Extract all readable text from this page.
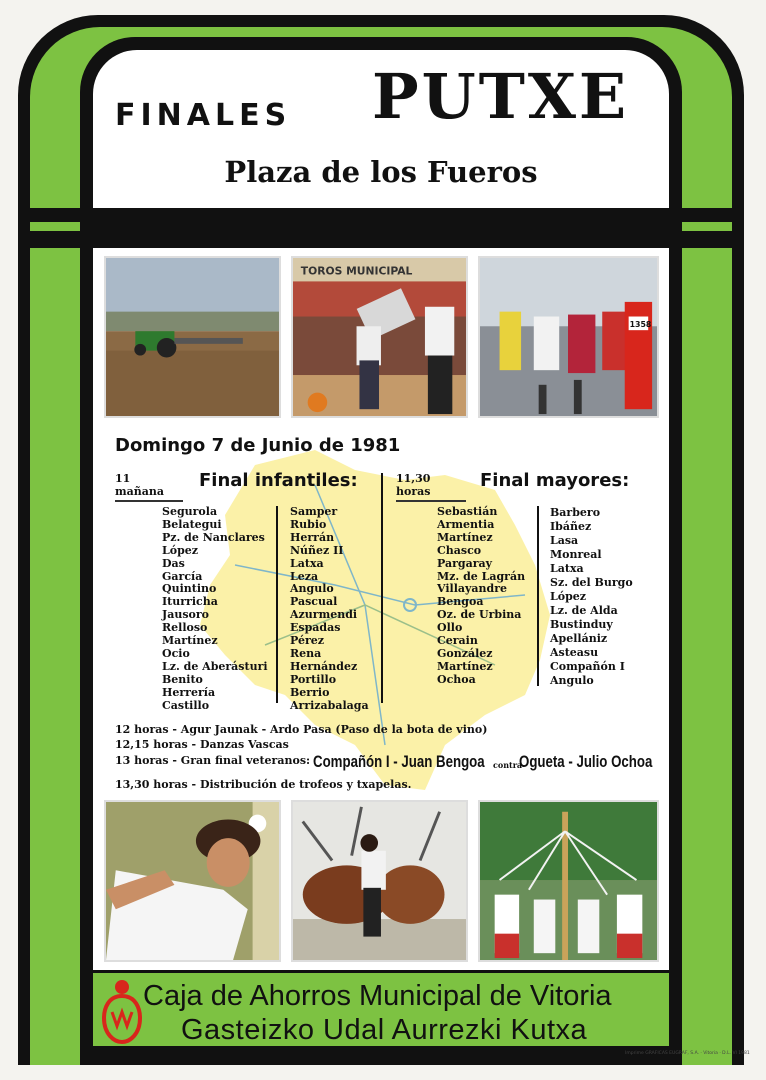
FINALES PUTXE
Plaza de los Fueros
TOROS MUNICIPAL
1358
Domingo 7 de Junio de 1981
11 mañana
Final infantiles:
Segurola
Belategui
Pz. de Nanclares
López
Das
García
Quintino
Iturricha
Jausoro
Relloso
Martínez
Ocio
Lz. de Aberásturi
Benito
Herrería
Castillo
Samper
Rubio
Herrán
Núñez II
Latxa
Leza
Angulo
Pascual
Azurmendi
Espadas
Pérez
Rena
Hernández
Portillo
Berrio
Arrizabalaga
11,30 horas
Final mayores:
Sebastián
Armentia
Martínez
Chasco
Pargaray
Mz. de Lagrán
Villayandre
Bengoa
Oz. de Urbina
Ollo
Cerain
González
Martínez
Ochoa
Barbero
Ibáñez
Lasa
Monreal
Latxa
Sz. del Burgo
López
Lz. de Alda
Bustinduy
Apellániz
Asteasu
Compañón I
Angulo
12 horas - Agur Jaunak - Ardo Pasa (Paso de la bota de vino)
12,15 horas - Danzas Vascas
13 horas - Gran final veteranos: Compañón I - Juan Bengoa contra
Ogueta - Julio Ochoa
13,30 horas - Distribución de trofeos y txapelas.
Caja de Ahorros Municipal de Vitoria
Gasteizko Udal Aurrezki Kutxa
Imprime GRAFICAS EUGRAF, S.A. · Vitoria · D.L. VI 1981
